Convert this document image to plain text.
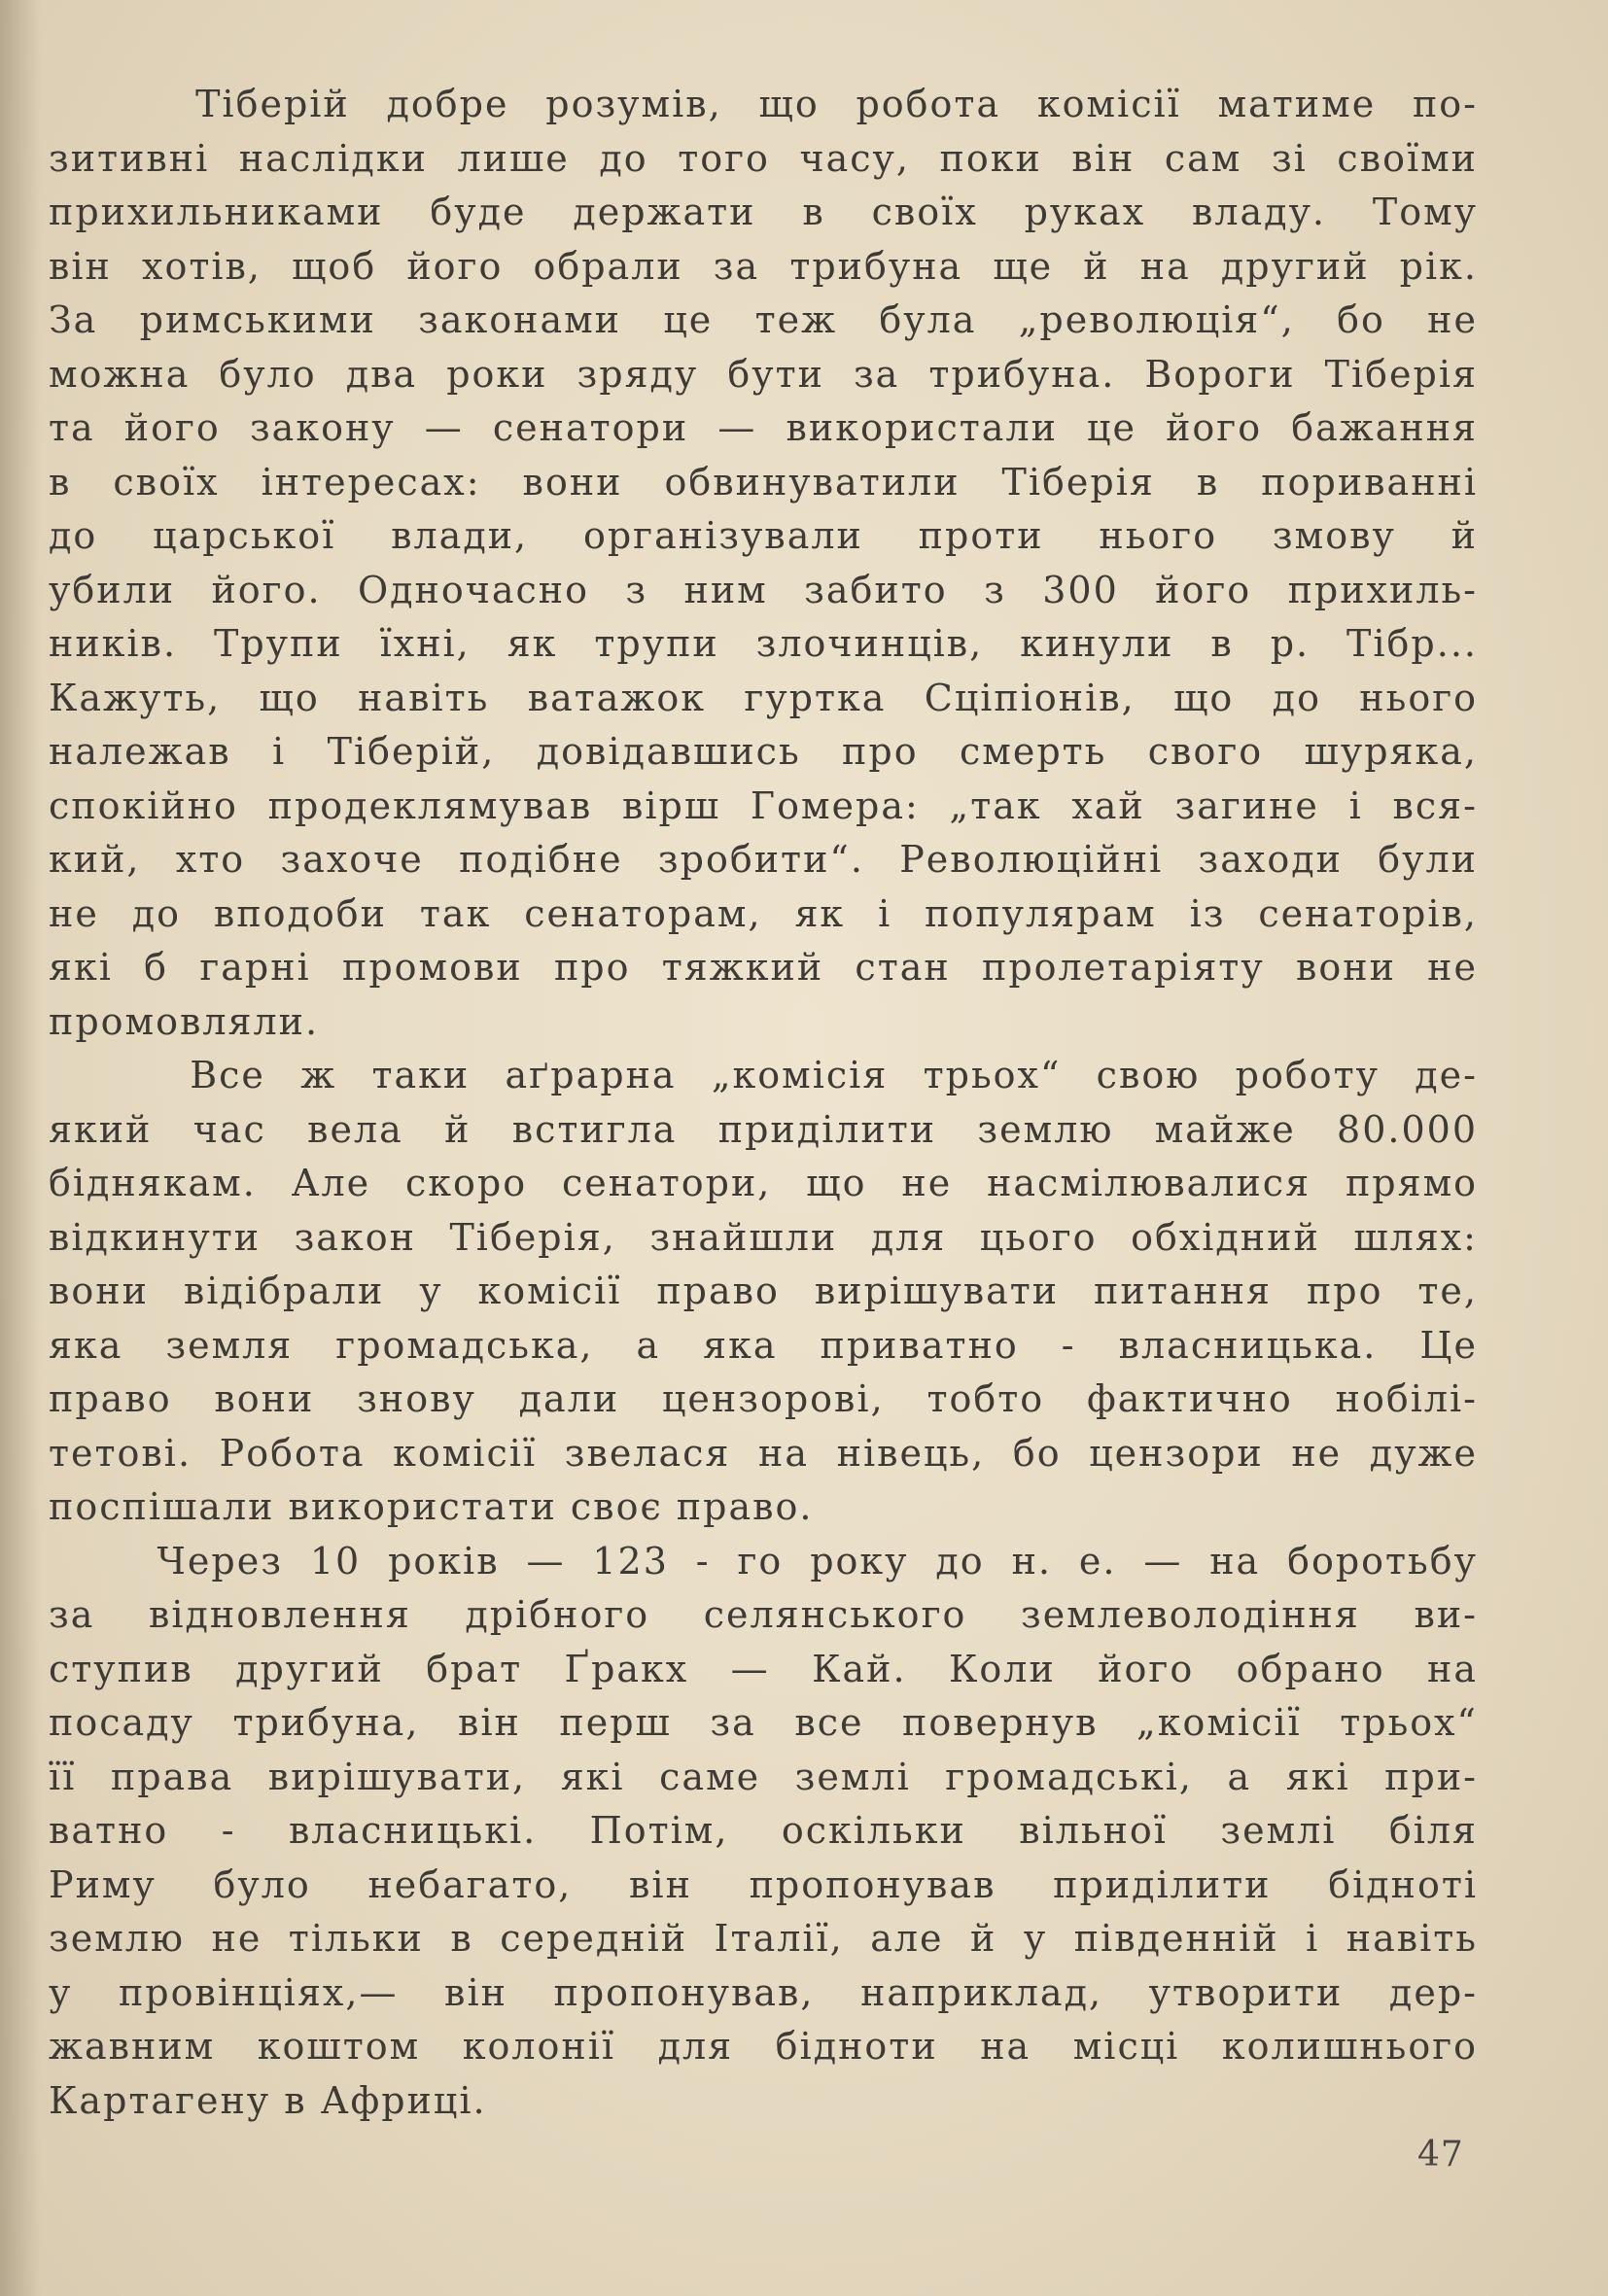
Тіберій добре розумів, що робота комісії матиме по-
зитивні наслідки лише до того часу, поки він сам зі своїми
прихильниками буде держати в своїх руках владу. Тому
він хотів, щоб його обрали за трибуна ще й на другий рік.
За римськими законами це теж була „революція“, бо не
можна було два роки зряду бути за трибуна. Вороги Тіберія
та його закону — сенатори — використали це його бажання
в своїх інтересах: вони обвинуватили Тіберія в пориванні
до царської влади, організували проти нього змову й
убили його. Одночасно з ним забито з 300 його прихиль-
ників. Трупи їхні, як трупи злочинців, кинули в р. Тібр...
Кажуть, що навіть ватажок гуртка Сціпіонів, що до нього
належав і Тіберій, довідавшись про смерть свого шуряка,
спокійно продеклямував вірш Гомера: „так хай загине і вся-
кий, хто захоче подібне зробити“. Революційні заходи були
не до вподоби так сенаторам, як і популярам із сенаторів,
які б гарні промови про тяжкий стан пролетаріяту вони не
промовляли.
Все ж таки аґрарна „комісія трьох“ свою роботу де-
який час вела й встигла приділити землю майже 80.000
біднякам. Але скоро сенатори, що не насмілювалися прямо
відкинути закон Тіберія, знайшли для цього обхідний шлях:
вони відібрали у комісії право вирішувати питання про те,
яка земля громадська, а яка приватно - власницька. Це
право вони знову дали цензорові, тобто фактично нобілі-
тетові. Робота комісії звелася на нівець, бо цензори не дуже
поспішали використати своє право.
Через 10 років — 123 - го року до н. е. — на боротьбу
за відновлення дрібного селянського землеволодіння ви-
ступив другий брат Ґракх — Кай. Коли його обрано на
посаду трибуна, він перш за все повернув „комісії трьох“
її права вирішувати, які саме землі громадські, а які при-
ватно - власницькі. Потім, оскільки вільної землі біля
Риму було небагато, він пропонував приділити бідноті
землю не тільки в середній Італії, але й у південній і навіть
у провінціях,— він пропонував, наприклад, утворити дер-
жавним коштом колонії для бідноти на місці колишнього
Картагену в Африці.
47
